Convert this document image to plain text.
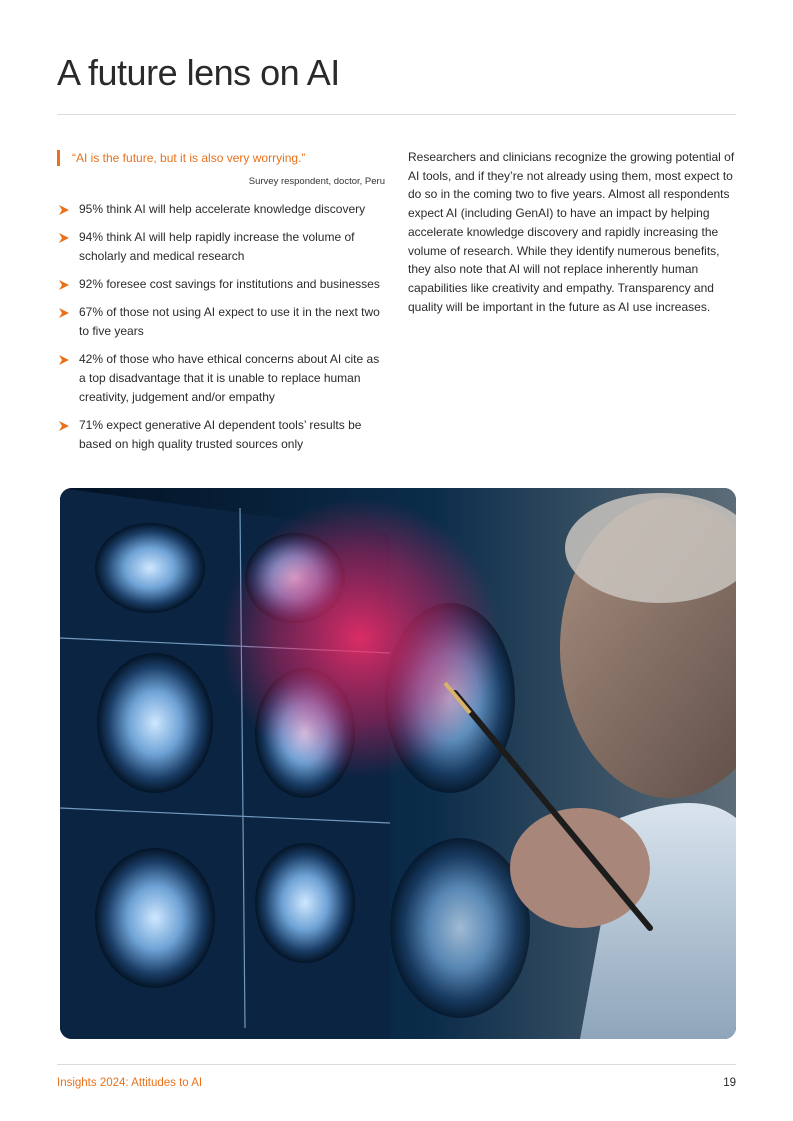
A future lens on AI
“AI is the future, but it is also very worrying.”
Survey respondent, doctor, Peru
95% think AI will help accelerate knowledge discovery
94% think AI will help rapidly increase the volume of scholarly and medical research
92% foresee cost savings for institutions and businesses
67% of those not using AI expect to use it in the next two to five years
42% of those who have ethical concerns about AI cite as a top disadvantage that it is unable to replace human creativity, judgement and/or empathy
71% expect generative AI dependent tools’ results be based on high quality trusted sources only

Researchers and clinicians recognize the growing potential of AI tools, and if they’re not already using them, most expect to do so in the coming two to five years. Almost all respondents expect AI (including GenAI) to have an impact by helping accelerate knowledge discovery and rapidly increasing the volume of research. While they identify numerous benefits, they also note that AI will not replace inherently human capabilities like creativity and empathy. Transparency and quality will be important in the future as AI use increases.

Insights 2024: Attitudes to AI	19
